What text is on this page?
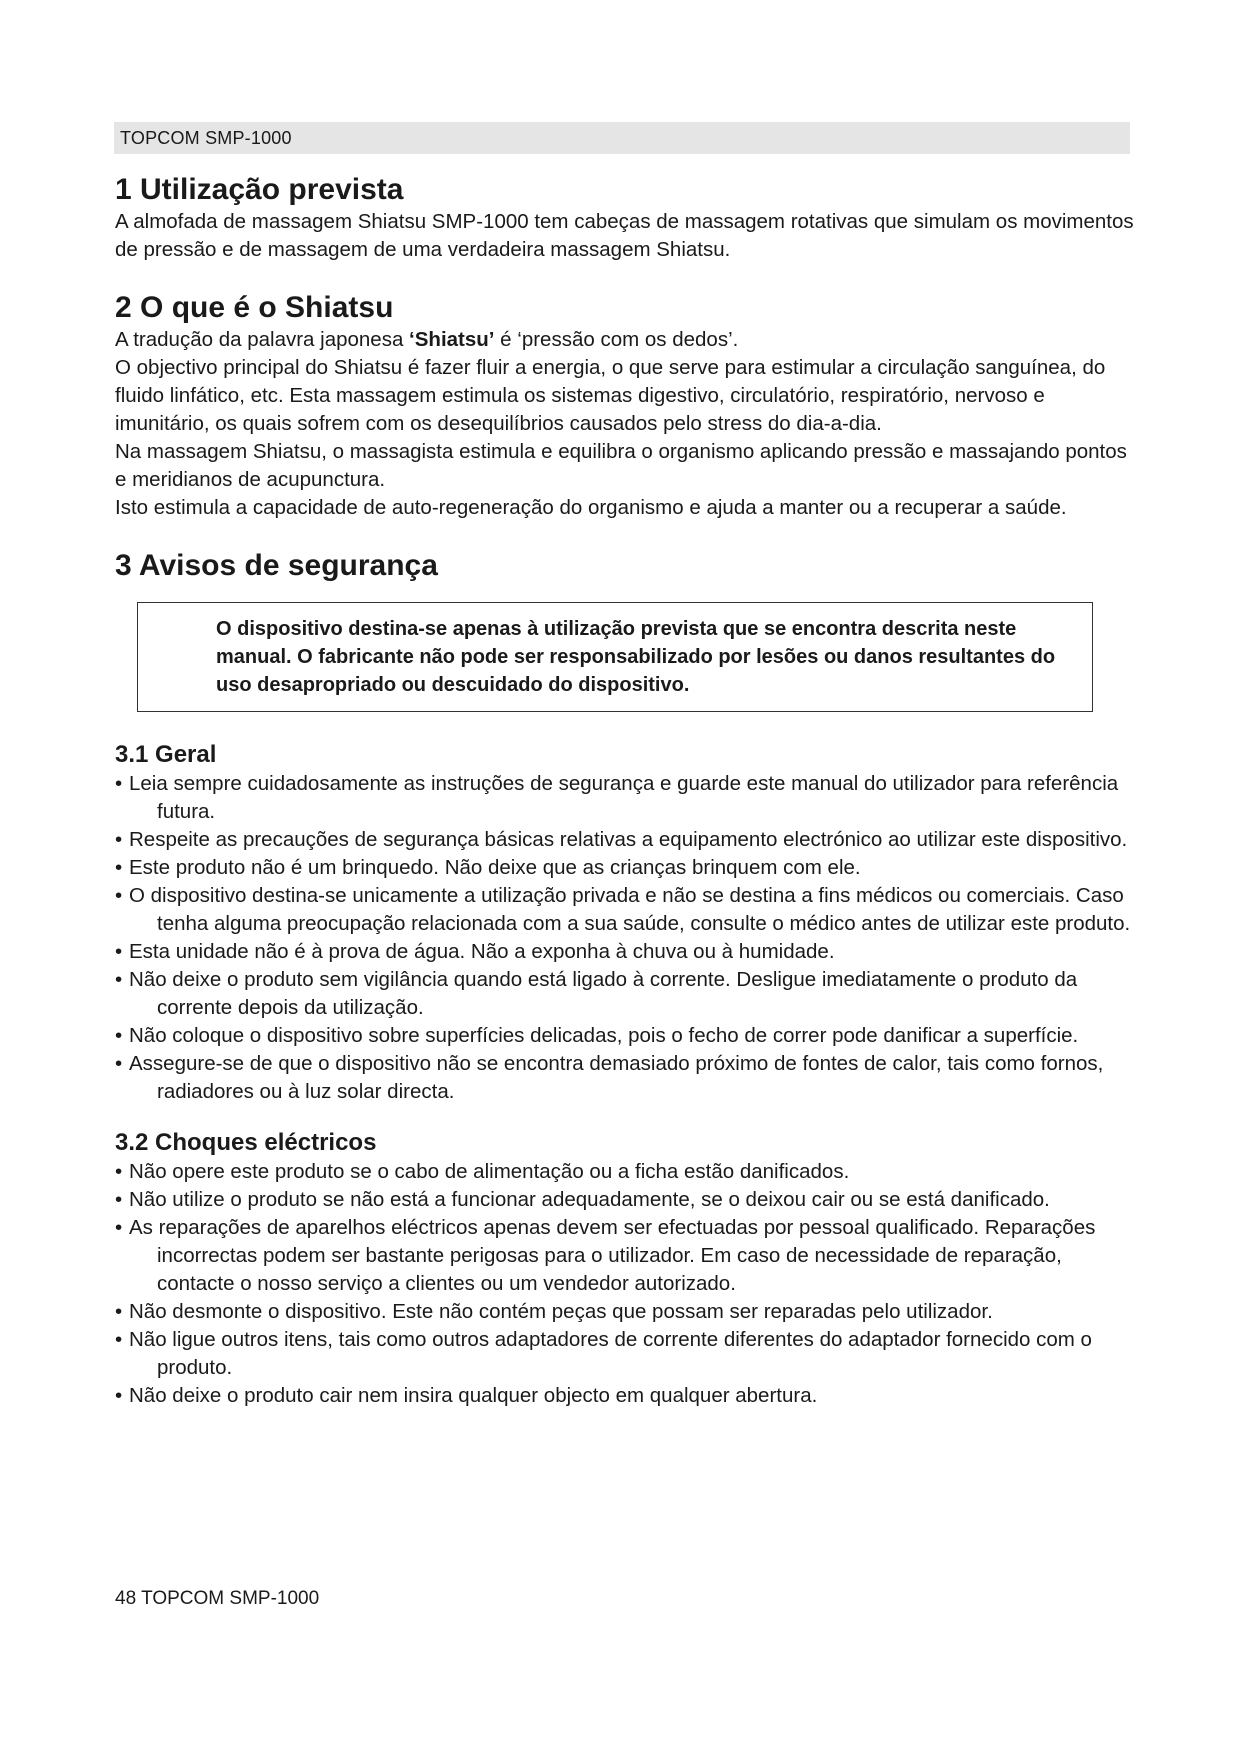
TOPCOM SMP-1000
1 Utilização prevista

A almofada de massagem Shiatsu SMP-1000 tem cabeças de massagem rotativas que simulam os movimentos de pressão e de massagem de uma verdadeira massagem Shiatsu.

2 O que é o Shiatsu

A tradução da palavra japonesa ‘Shiatsu’ é ‘pressão com os dedos’.

O objectivo principal do Shiatsu é fazer fluir a energia, o que serve para estimular a circulação sanguínea, do fluido linfático, etc. Esta massagem estimula os sistemas digestivo, circulatório, respiratório, nervoso e imunitário, os quais sofrem com os desequilíbrios causados pelo stress do dia-a-dia.

Na massagem Shiatsu, o massagista estimula e equilibra o organismo aplicando pressão e massajando pontos e meridianos de acupunctura.

Isto estimula a capacidade de auto-regeneração do organismo e ajuda a manter ou a recuperar a saúde.

3 Avisos de segurança

O dispositivo destina-se apenas à utilização prevista que se encontra descrita neste manual. O fabricante não pode ser responsabilizado por lesões ou danos resultantes do uso desapropriado ou descuidado do dispositivo.

3.1 Geral
• Leia sempre cuidadosamente as instruções de segurança e guarde este manual do utilizador para referência futura.
• Respeite as precauções de segurança básicas relativas a equipamento electrónico ao utilizar este dispositivo.
• Este produto não é um brinquedo. Não deixe que as crianças brinquem com ele.
• O dispositivo destina-se unicamente a utilização privada e não se destina a fins médicos ou comerciais. Caso tenha alguma preocupação relacionada com a sua saúde, consulte o médico antes de utilizar este produto.
• Esta unidade não é à prova de água. Não a exponha à chuva ou à humidade.
• Não deixe o produto sem vigilância quando está ligado à corrente. Desligue imediatamente o produto da corrente depois da utilização.
• Não coloque o dispositivo sobre superfícies delicadas, pois o fecho de correr pode danificar a superfície.
• Assegure-se de que o dispositivo não se encontra demasiado próximo de fontes de calor, tais como fornos, radiadores ou à luz solar directa.
3.2 Choques eléctricos
• Não opere este produto se o cabo de alimentação ou a ficha estão danificados.
• Não utilize o produto se não está a funcionar adequadamente, se o deixou cair ou se está danificado.
• As reparações de aparelhos eléctricos apenas devem ser efectuadas por pessoal qualificado. Reparações incorrectas podem ser bastante perigosas para o utilizador. Em caso de necessidade de reparação, contacte o nosso serviço a clientes ou um vendedor autorizado.
• Não desmonte o dispositivo. Este não contém peças que possam ser reparadas pelo utilizador.
• Não ligue outros itens, tais como outros adaptadores de corrente diferentes do adaptador fornecido com o produto.
• Não deixe o produto cair nem insira qualquer objecto em qualquer abertura.
48 TOPCOM SMP-1000
